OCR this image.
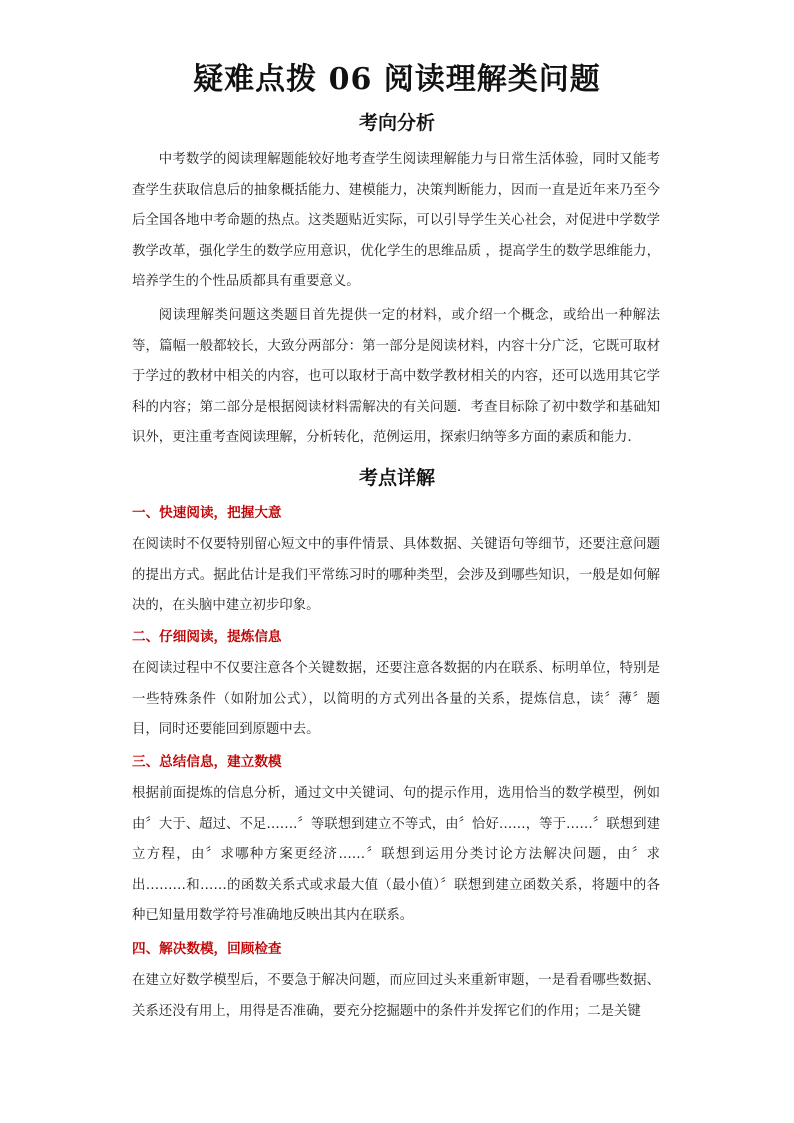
疑难点拨 06 阅读理解类问题
考向分析

中考数学的阅读理解题能较好地考查学生阅读理解能力与日常生活体验，同时又能考查学生获取信息后的抽象概括能力、建模能力，决策判断能力，因而一直是近年来乃至今后全国各地中考命题的热点。这类题贴近实际，可以引导学生关心社会，对促进中学数学教学改革，强化学生的数学应用意识，优化学生的思维品质 ，提高学生的数学思维能力，培养学生的个性品质都具有重要意义。

阅读理解类问题这类题目首先提供一定的材料，或介绍一个概念，或给出一种解法等，篇幅一般都较长，大致分两部分：第一部分是阅读材料，内容十分广泛，它既可取材于学过的教材中相关的内容，也可以取材于高中数学教材相关的内容，还可以选用其它学科的内容；第二部分是根据阅读材料需解决的有关问题．考查目标除了初中数学和基础知识外，更注重考查阅读理解，分析转化，范例运用，探索归纳等多方面的素质和能力．

考点详解
一、快速阅读，把握大意

在阅读时不仅要特别留心短文中的事件情景、具体数据、关键语句等细节，还要注意问题的提出方式。据此估计是我们平常练习时的哪种类型，会涉及到哪些知识，一般是如何解决的，在头脑中建立初步印象。

二、仔细阅读，提炼信息

在阅读过程中不仅要注意各个关键数据，还要注意各数据的内在联系、标明单位，特别是一些特殊条件（如附加公式），以简明的方式列出各量的关系，提炼信息，读〞薄〞题目，同时还要能回到原题中去。

三、总结信息，建立数模

根据前面提炼的信息分析，通过文中关键词、句的提示作用，选用恰当的数学模型，例如由〞大于、超过、不足…….〞等联想到建立不等式，由〞恰好……，等于……〞联想到建立方程，由〞求哪种方案更经济……〞联想到运用分类讨论方法解决问题，由〞求出………和……的函数关系式或求最大值（最小值）〞联想到建立函数关系，将题中的各种已知量用数学符号准确地反映出其内在联系。

四、解决数模，回顾检查

在建立好数学模型后，不要急于解决问题，而应回过头来重新审题，一是看看哪些数据、关系还没有用上，用得是否准确，要充分挖掘题中的条件并发挥它们的作用；二是关键
